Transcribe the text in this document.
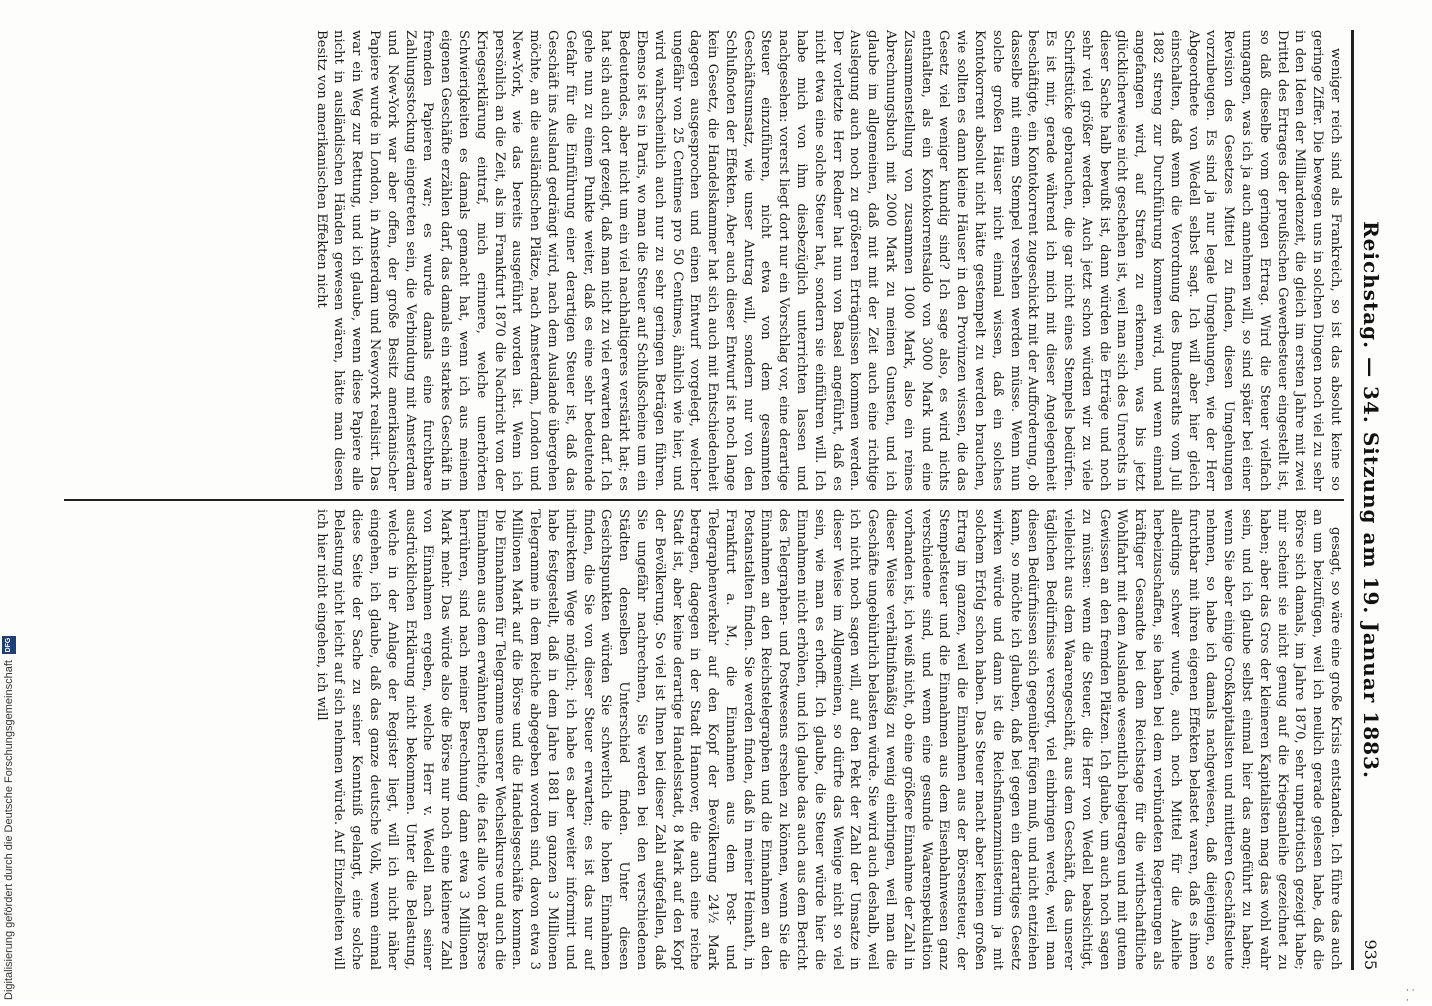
Reichstag. — 34. Sitzung am 19. Januar 1883.
935

weniger reich sind als Frankreich, so ist das absolut keine so geringe Ziffer. Die bewegen uns in solchen Dingen noch viel zu sehr in den Ideen der Milliardenzeit, die gleich im ersten Jahre mit zwei Drittel des Ertrages der preußischen Gewerbesteuer eingestellt ist, so daß dieselbe vom geringen Ertrag. Wird die Steuer vielfach umgangen, was ich ja auch annehmen will, so sind später bei einer Revision des Gesetzes Mittel zu finden, diesen Umgehungen vorzubeugen. Es sind ja nur legale Umgehungen, wie der Herr Abgeordnete von Wedell selbst sagt. Ich will aber hier gleich einschalten, daß wenn die Verordnung des Bundesraths vom Juli 1882 streng zur Durchführung kommen wird, und wenn einmal angefangen wird, auf Strafen zu erkennen, was bis jetzt glücklicherweise nicht geschehen ist, weil man sich des Unrechts in dieser Sache halb bewußt ist, dann würden die Erträge und noch sehr viel größer werden. Auch jetzt schon würden wir zu viele Schriftstücke gebrauchen, die gar nicht eines Stempels bedürfen. Es ist mir, gerade während ich mich mit dieser Angelegenheit beschäftigte, ein Kontokorrent zugeschickt mit der Aufforderung, ob dasselbe mit einem Stempel versehen werden müsse. Wenn nun solche großen Häuser nicht einmal wissen, daß ein solches Kontokorrent absolut nicht hätte gestempelt zu werden brauchen, wie sollten es dann kleine Häuser in den Provinzen wissen, die das Gesetz viel weniger kundig sind? Ich sage also, es wird nichts enthalten, als ein Kontokorrentsaldo von 3000 Mark und eine Zusammenstellung von zusammen 1000 Mark, also ein reines Abrechnungsbuch mit 2000 Mark zu meinen Gunsten, und ich glaube im allgemeinen, daß mit mit der Zeit auch eine richtige Auslegung auch noch zu größeren Erträgnissen kommen werden. Der vorletzte Herr Redner hat nun von Basel angeführt, daß es nicht etwa eine solche Steuer hat, sondern sie einführen will. Ich habe mich von ihm diesbezüglich unterrichten lassen und nachgesehen: vorerst liegt dort nur ein Vorschlag vor, eine derartige Steuer einzuführen, nicht etwa von dem gesammten Geschäftsumsatz, wie unser Antrag will, sondern nur von den Schlußnoten der Effekten. Aber auch dieser Entwurf ist noch lange kein Gesetz, die Handelskammer hat sich auch mit Entschiedenheit dagegen ausgesprochen und einen Entwurf vorgelegt, welcher ungefähr von 25 Centimes pro 50 Centimes, ähnlich wie hier, und wird wahrscheinlich auch nur zu sehr geringen Beträgen führen. Ebenso ist es in Paris, wo man die Steuer auf Schlußscheine um ein Bedeutendes, aber nicht um ein viel nachhaltigeres verstärkt hat; es hat sich auch dort gezeigt, daß man nicht zu viel erwarten darf. Ich gehe nun zu einem Punkte weiter, daß es eine sehr bedeutende Gefahr für die Einführung einer derartigen Steuer ist, daß das Geschäft ins Ausland gedrängt wird, nach dem Auslande übergehen möchte, an die ausländischen Plätze, nach Amsterdam, London und New-York, wie das bereits ausgeführt worden ist. Wenn ich persönlich an die Zeit, als im Frankfurt 1870 die Nachricht von der Kriegserklärung eintraf, mich erinnere, welche unerhörten Schwierigkeiten es damals gemacht hat, wenn ich aus meinem eigenen Geschäfte erzählen darf, das damals ein starkes Geschäft in fremden Papieren war; es wurde damals eine furchtbare Zahlungsstockung eingetreten sein, die Verbindung mit Amsterdam und New-York war aber offen, der große Besitz amerikanischer Papiere wurde in London, in Amsterdam und Newyork realisirt. Das war ein Weg zur Rettung, und ich glaube, wenn diese Papiere alle nicht in ausländischen Händen gewesen wären, hätte man diesen Besitz von amerikanischen Effekten nicht

gesagt, so wäre eine große Krisis entstanden. Ich führe das auch an um beizufügen, weil ich neulich gerade gelesen habe, daß die Börse sich damals, im Jahre 1870, sehr unpatriotisch gezeigt habe; mir scheint sie nicht genug auf die Kriegsanleihe gezeichnet zu haben; aber das Gros der kleineren Kapitalisten mag das wohl wahr sein, und ich glaube selbst einmal hier das angeführt zu haben; wenn Sie aber einige Großkapitalisten und mittleren Geschäftsleute nehmen, so habe ich damals nachgewiesen, daß diejenigen, so furchtbar mit ihren eigenen Effekten belastet waren, daß es ihnen allerdings schwer wurde, auch noch Mittel für die Anleihe herbeizuschaffen, sie haben bei dem verbündeten Regierungen als kräftiger Gesandte bei dem Reichstage für die wirthschaftliche Wohlfahrt mit dem Auslande wesentlich beigetragen und mit gutem Gewissen an den fremden Plätzen. Ich glaube, um auch noch sagen zu müssen: wenn die Steuer, die Herr von Wedell beabsichtigt, vielleicht aus dem Waarengeschäft, aus dem Geschäft, das unserer täglichen Bedürfnisse versorgt, viel einbringen werde, weil man diesen Bedürfnissen sich gegenüber fügen muß, und nicht entziehen kann, so möchte ich glauben, daß bei gegen ein derartiges Gesetz wirken würde und dann ist die Reichsfinanzministerium ja mit solchem Erfolg schon haben. Das Steuer macht aber keinen großen Ertrag im ganzen, weil die Einnahmen aus der Börsensteuer, der Stempelsteuer und die Einnahmen aus dem Eisenbahnwesen ganz verschiedene sind, und wenn eine gesunde Waarenspekulation vorhanden ist, ich weiß nicht, ob eine größere Einnahme der Zahl in dieser Weise verhältnißmäßig zu wenig einbringen, weil man die Geschäfte ungebührlich belasten würde. Sie wird auch deshalb, weil ich nicht noch sagen will, auf den Pekt der Zahl der Umsatze in dieser Weise im Allgemeinen, so dürfte das Wenige nicht so viel sein, wie man es erhofft. Ich glaube, die Steuer würde hier die Einnahmen nicht erhöhen, und ich glaube das auch aus dem Bericht des Telegraphen- und Postwesens ersehen zu können, wenn Sie die Einnahmen an den Reichstelegraphen und die Einnahmen an den Postanstalten finden. Sie werden finden, daß in meiner Heimath, in Frankfurt a. M., die Einnahmen aus dem Post- und Telegraphenverkehr auf den Kopf der Bevölkerung 24½ Mark betragen, dagegen in der Stadt Hannover, die auch eine reiche Stadt ist, aber keine derartige Handelsstadt, 8 Mark auf den Kopf der Bevölkerung. So viel ist Ihnen bei dieser Zahl aufgefallen, daß Sie ungefähr nachrechnen, Sie werden bei den verschiedenen Städten denselben Unterschied finden. Unter diesen Gesichtspunkten würden Sie schwerlich die hohen Einnahmen finden, die Sie von dieser Steuer erwarten; es ist das nur auf indirektem Wege möglich; ich habe es aber weiter informirt und habe festgestellt, daß in dem Jahre 1881 im ganzen 3 Millionen Telegramme in dem Reiche abgegeben worden sind, davon etwa 3 Millionen Mark auf die Börse und die Handelsgeschäfte kommen. Die Einnahmen für Telegramme unserer Wechselkurse und auch die Einnahmen aus dem erwähnten Berichte, die fast alle von der Börse herrühren, sind nach meiner Berechnung dann etwa 3 Millionen Mark mehr. Das würde also die Börse nur noch eine kleinere Zahl von Einnahmen ergeben, welche Herr v. Wedell nach seiner ausdrücklichen Erklärung nicht bekommen. Unter die Belastung, welche in der Anlage der Register liegt, will ich nicht näher eingehen, ich glaube, daß das ganze deutsche Volk, wenn einmal diese Seite der Sache zu seiner Kenntniß gelangt, eine solche Belastung nicht leicht auf sich nehmen würde. Auf Einzelheiten will ich hier nicht eingehen, ich will

Digitalisierung gefördert durch die Deutsche Forschungsgemeinschaft
DFG
· · ·
